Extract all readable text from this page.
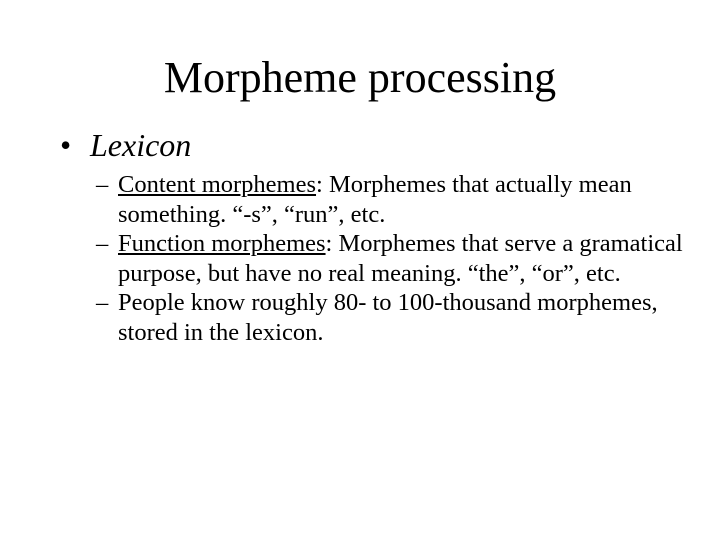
Morpheme processing
• Lexicon
– Content morphemes: Morphemes that actually mean something. “-s”, “run”, etc.
– Function morphemes: Morphemes that serve a gramatical purpose, but have no real meaning. “the”, “or”, etc.
– People know roughly 80- to 100-thousand morphemes, stored in the lexicon.
